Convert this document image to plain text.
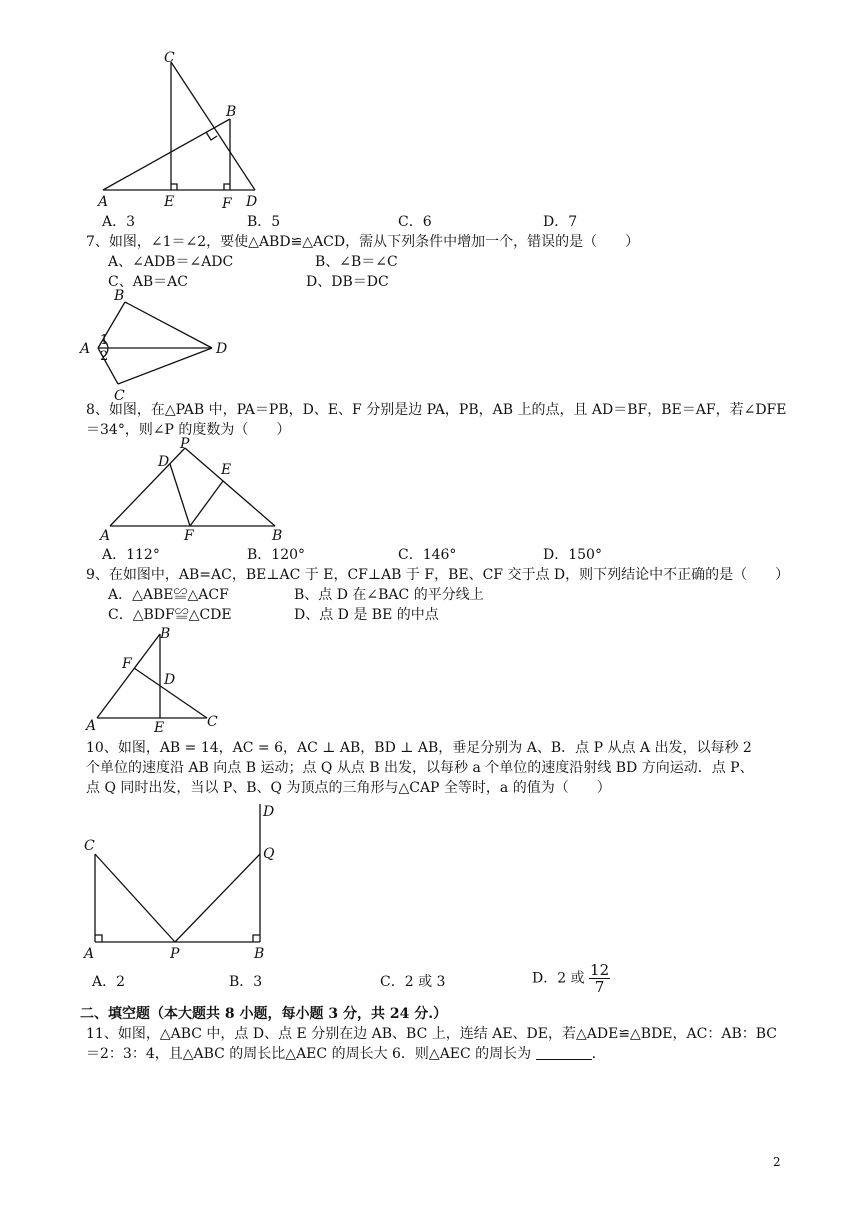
C
B
A	E	F D
A．3	B．5	C．6	D．7
7、如图，∠1＝∠2，要使△ABD≌△ACD，需从下列条件中增加一个，错误的是（　　）
A、∠ADB＝∠ADC	B、∠B＝∠C
C、AB＝AC	D、DB＝DC
B
A
1
2	D
C
8、如图，在△PAB 中，PA＝PB，D、E、F 分别是边 PA，PB，AB 上的点，且 AD＝BF，BE＝AF，若∠DFE
＝34°，则∠P 的度数为（　　）
P
D	E
A	F	B
A．112°	B．120°	C．146°	D．150°
9、在如图中，AB=AC，BE⊥AC 于 E，CF⊥AB 于 F，BE、CF 交于点 D，则下列结论中不正确的是（　　）
A．△ABE≌△ACF	B、点 D 在∠BAC 的平分线上
C．△BDF≌△CDE	D、点 D 是 BE 的中点
B
F
D
A	E	C
10、如图，AB = 14，AC = 6，AC ⊥ AB，BD ⊥ AB，垂足分别为 A、B．点 P 从点 A 出发，以每秒 2
个单位的速度沿 AB 向点 B 运动；点 Q 从点 B 出发，以每秒 a 个单位的速度沿射线 BD 方向运动．点 P、
点 Q 同时出发，当以 P、B、Q 为顶点的三角形与△CAP 全等时，a 的值为（　　）
C
D
Q
A	P	B
A．2	B．3	C．2 或 3	D．2 或 $\frac{12}{7}$
二、填空题（本大题共 8 小题，每小题 3 分，共 24 分.）
11、如图，△ABC 中，点 D、点 E 分别在边 AB、BC 上，连结 AE、DE，若△ADE≌△BDE，AC：AB：BC
＝2：3：4，且△ABC 的周长比△AEC 的周长大 6．则△AEC 的周长为	.
2
